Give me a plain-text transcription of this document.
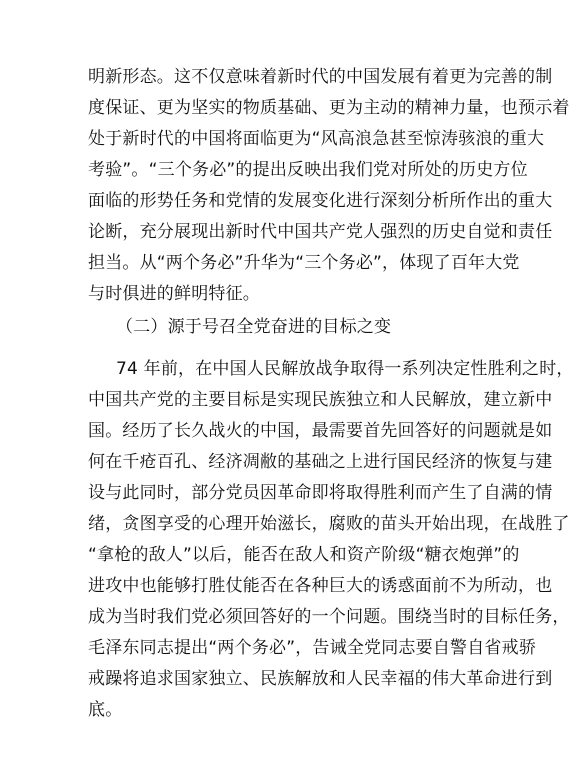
明新形态。这不仅意味着新时代的中国发展有着更为完善的制
度保证、更为坚实的物质基础、更为主动的精神力量，也预示着
处于新时代的中国将面临更为“风高浪急甚至惊涛骇浪的重大
考验”。“三个务必”的提出反映出我们党对所处的历史方位
面临的形势任务和党情的发展变化进行深刻分析所作出的重大
论断，充分展现出新时代中国共产党人强烈的历史自觉和责任
担当。从“两个务必”升华为“三个务必”，体现了百年大党
与时俱进的鲜明特征。
（二）源于号召全党奋进的目标之变
74 年前，在中国人民解放战争取得一系列决定性胜利之时，
中国共产党的主要目标是实现民族独立和人民解放，建立新中
国。经历了长久战火的中国，最需要首先回答好的问题就是如
何在千疮百孔、经济凋敝的基础之上进行国民经济的恢复与建
设与此同时，部分党员因革命即将取得胜利而产生了自满的情
绪，贪图享受的心理开始滋长，腐败的苗头开始出现，在战胜了
“拿枪的敌人”以后，能否在敌人和资产阶级“糖衣炮弹”的
进攻中也能够打胜仗能否在各种巨大的诱惑面前不为所动，也
成为当时我们党必须回答好的一个问题。围绕当时的目标任务，
毛泽东同志提出“两个务必”，告诫全党同志要自警自省戒骄
戒躁将追求国家独立、民族解放和人民幸福的伟大革命进行到
底。
